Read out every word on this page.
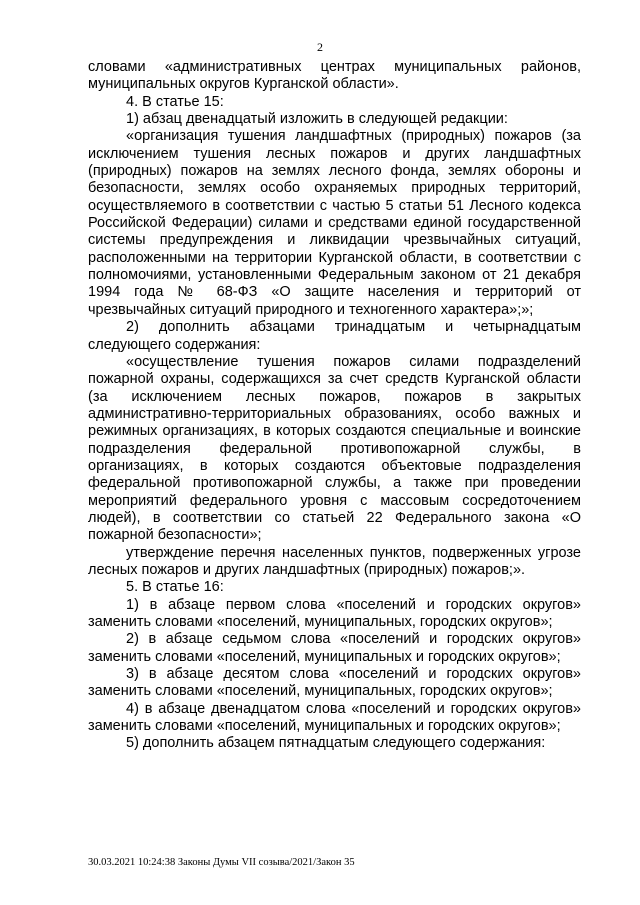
2

словами «административных центрах муниципальных районов, муниципальных округов Курганской области».

4. В статье 15:

1) абзац двенадцатый изложить в следующей редакции:

«организация тушения ландшафтных (природных) пожаров (за исключением тушения лесных пожаров и других ландшафтных (природных) пожаров на землях лесного фонда, землях обороны и безопасности, землях особо охраняемых природных территорий, осуществляемого в соответствии с частью 5 статьи 51 Лесного кодекса Российской Федерации) силами и средствами единой государственной системы предупреждения и ликвидации чрезвычайных ситуаций, расположенными на территории Курганской области, в соответствии с полномочиями, установленными Федеральным законом от 21 декабря 1994 года № 68-ФЗ «О защите населения и территорий от чрезвычайных ситуаций природного и техногенного характера»;»;

2) дополнить абзацами тринадцатым и четырнадцатым следующего содержания:

«осуществление тушения пожаров силами подразделений пожарной охраны, содержащихся за счет средств Курганской области (за исключением лесных пожаров, пожаров в закрытых административно-территориальных образованиях, особо важных и режимных организациях, в которых создаются специальные и воинские подразделения федеральной противопожарной службы, в организациях, в которых создаются объектовые подразделения федеральной противопожарной службы, а также при проведении мероприятий федерального уровня с массовым сосредоточением людей), в соответствии со статьей 22 Федерального закона «О пожарной безопасности»;

утверждение перечня населенных пунктов, подверженных угрозе лесных пожаров и других ландшафтных (природных) пожаров;».

5. В статье 16:

1) в абзаце первом слова «поселений и городских округов» заменить словами «поселений, муниципальных, городских округов»;

2) в абзаце седьмом слова «поселений и городских округов» заменить словами «поселений, муниципальных и городских округов»;

3) в абзаце десятом слова «поселений и городских округов» заменить словами «поселений, муниципальных, городских округов»;

4) в абзаце двенадцатом слова «поселений и городских округов» заменить словами «поселений, муниципальных и городских округов»;

5) дополнить абзацем пятнадцатым следующего содержания:

30.03.2021 10:24:38 Законы Думы VII созыва/2021/Закон 35
